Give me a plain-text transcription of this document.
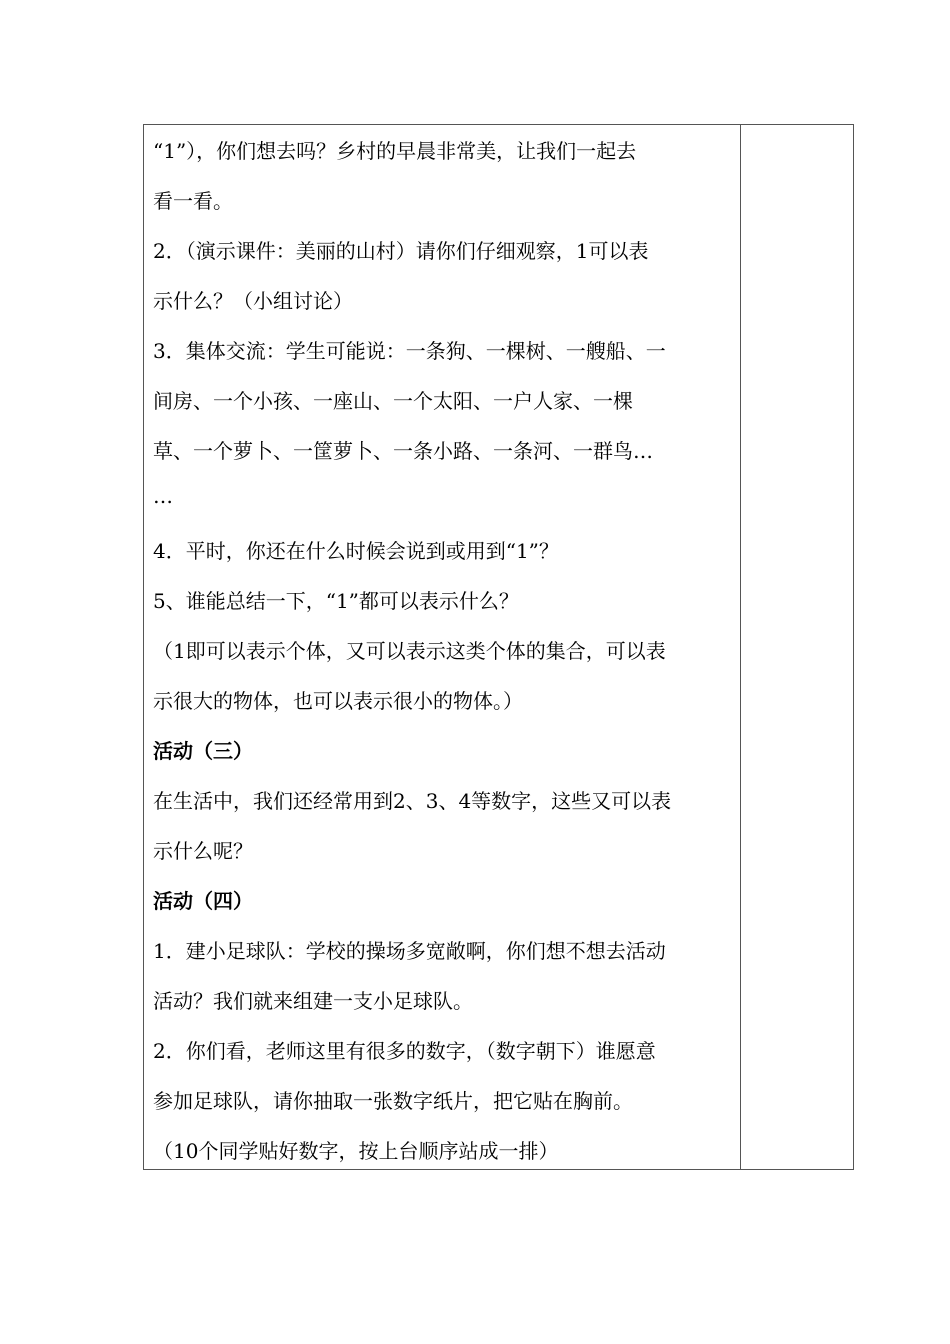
“1”），你们想去吗？乡村的早晨非常美，让我们一起去
看一看。
2．（演示课件：美丽的山村）请你们仔细观察，1可以表
示什么？（小组讨论）
3．集体交流：学生可能说：一条狗、一棵树、一艘船、一
间房、一个小孩、一座山、一个太阳、一户人家、一棵
草、一个萝卜、一筐萝卜、一条小路、一条河、一群鸟…
…
4．平时，你还在什么时候会说到或用到“1”？
5、谁能总结一下，“1”都可以表示什么？
（1即可以表示个体，又可以表示这类个体的集合，可以表
示很大的物体，也可以表示很小的物体。）
活动（三）
在生活中，我们还经常用到2、3、4等数字，这些又可以表
示什么呢？
活动（四）
1．建小足球队：学校的操场多宽敞啊，你们想不想去活动
活动？我们就来组建一支小足球队。
2．你们看，老师这里有很多的数字，（数字朝下）谁愿意
参加足球队，请你抽取一张数字纸片，把它贴在胸前。
（10个同学贴好数字，按上台顺序站成一排）
